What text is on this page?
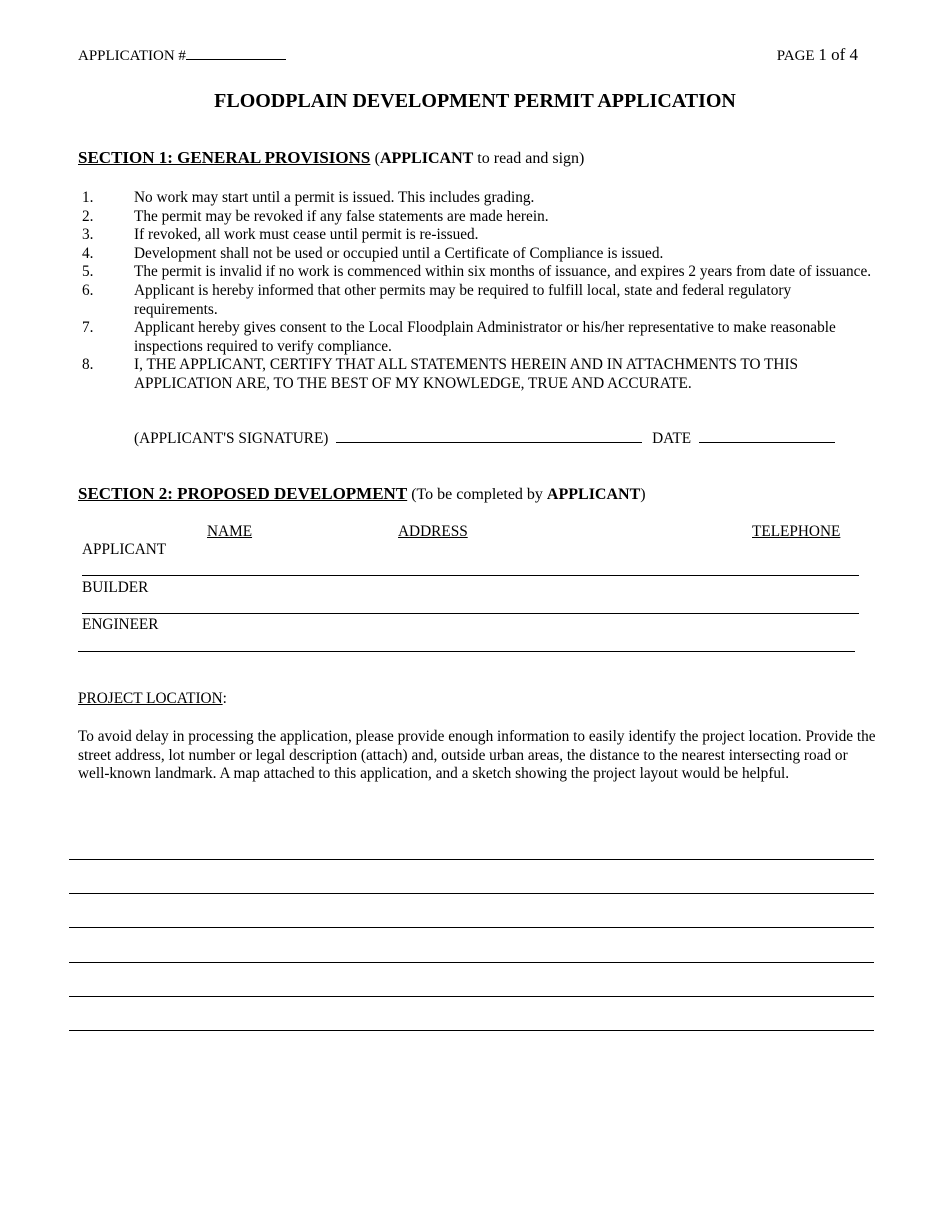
APPLICATION #	PAGE 1 of 4
FLOODPLAIN DEVELOPMENT PERMIT APPLICATION
SECTION 1: GENERAL PROVISIONS (APPLICANT to read and sign)
1.	No work may start until a permit is issued. This includes grading.
2.	The permit may be revoked if any false statements are made herein.
3.	If revoked, all work must cease until permit is re-issued.
4.	Development shall not be used or occupied until a Certificate of Compliance is issued.
5.	The permit is invalid if no work is commenced within six months of issuance, and expires 2 years from date of issuance.
6.	Applicant is hereby informed that other permits may be required to fulfill local, state and federal regulatory requirements.
7.	Applicant hereby gives consent to the Local Floodplain Administrator or his/her representative to make reasonable inspections required to verify compliance.
8.	I, THE APPLICANT, CERTIFY THAT ALL STATEMENTS HEREIN AND IN ATTACHMENTS TO THIS APPLICATION ARE, TO THE BEST OF MY KNOWLEDGE, TRUE AND ACCURATE.
(APPLICANT'S SIGNATURE)	DATE
SECTION 2: PROPOSED DEVELOPMENT (To be completed by APPLICANT)
NAME	ADDRESS	TELEPHONE
APPLICANT
BUILDER
ENGINEER
PROJECT LOCATION:
To avoid delay in processing the application, please provide enough information to easily identify the project location. Provide the street address, lot number or legal description (attach) and, outside urban areas, the distance to the nearest intersecting road or well-known landmark. A map attached to this application, and a sketch showing the project layout would be helpful.
